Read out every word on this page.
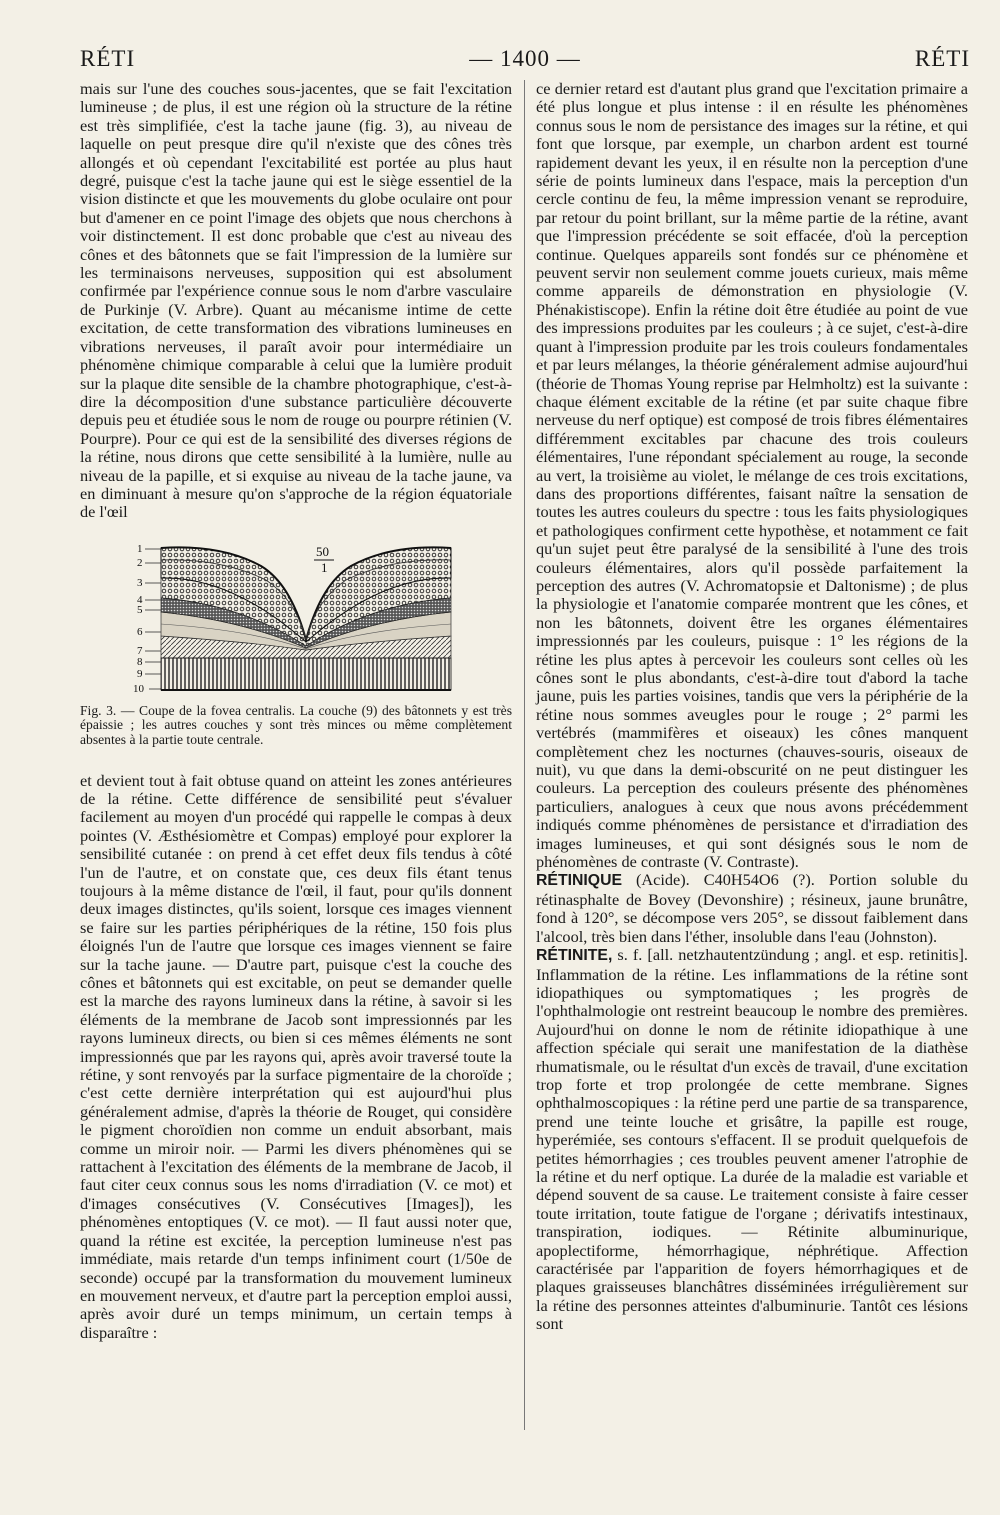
RÉTI	— 1400 —	RÉTI

mais sur l'une des couches sous-jacentes, que se fait l'excitation lumineuse ; de plus, il est une région où la structure de la rétine est très simplifiée, c'est la tache jaune (fig. 3), au niveau de laquelle on peut presque dire qu'il n'existe que des cônes très allongés et où cependant l'excitabilité est portée au plus haut degré, puisque c'est la tache jaune qui est le siège essentiel de la vision distincte et que les mouvements du globe oculaire ont pour but d'amener en ce point l'image des objets que nous cherchons à voir distinctement. Il est donc probable que c'est au niveau des cônes et des bâtonnets que se fait l'impression de la lumière sur les terminaisons nerveuses, supposition qui est absolument confirmée par l'expérience connue sous le nom d'arbre vasculaire de Purkinje (V. Arbre). Quant au mécanisme intime de cette excitation, de cette transformation des vibrations lumineuses en vibrations nerveuses, il paraît avoir pour intermédiaire un phénomène chimique comparable à celui que la lumière produit sur la plaque dite sensible de la chambre photographique, c'est-à-dire la décomposition d'une substance particulière découverte depuis peu et étudiée sous le nom de rouge ou pourpre rétinien (V. Pourpre). Pour ce qui est de la sensibilité des diverses régions de la rétine, nous dirons que cette sensibilité à la lumière, nulle au niveau de la papille, et si exquise au niveau de la tache jaune, va en diminuant à mesure qu'on s'approche de la région équatoriale de l'œil

1
2
3
4
5
6
7
8
9
10
50
1

Fig. 3. — Coupe de la fovea centralis. La couche (9) des bâtonnets y est très épaissie ; les autres couches y sont très minces ou même complètement absentes à la partie toute centrale.

et devient tout à fait obtuse quand on atteint les zones antérieures de la rétine. Cette différence de sensibilité peut s'évaluer facilement au moyen d'un procédé qui rappelle le compas à deux pointes (V. Æsthésiomètre et Compas) employé pour explorer la sensibilité cutanée : on prend à cet effet deux fils tendus à côté l'un de l'autre, et on constate que, ces deux fils étant tenus toujours à la même distance de l'œil, il faut, pour qu'ils donnent deux images distinctes, qu'ils soient, lorsque ces images viennent se faire sur les parties périphériques de la rétine, 150 fois plus éloignés l'un de l'autre que lorsque ces images viennent se faire sur la tache jaune. — D'autre part, puisque c'est la couche des cônes et bâtonnets qui est excitable, on peut se demander quelle est la marche des rayons lumineux dans la rétine, à savoir si les éléments de la membrane de Jacob sont impressionnés par les rayons lumineux directs, ou bien si ces mêmes éléments ne sont impressionnés que par les rayons qui, après avoir traversé toute la rétine, y sont renvoyés par la surface pigmentaire de la choroïde ; c'est cette dernière interprétation qui est aujourd'hui plus généralement admise, d'après la théorie de Rouget, qui considère le pigment choroïdien non comme un enduit absorbant, mais comme un miroir noir. — Parmi les divers phénomènes qui se rattachent à l'excitation des éléments de la membrane de Jacob, il faut citer ceux connus sous les noms d'irradiation (V. ce mot) et d'images consécutives (V. Consécutives [Images]), les phénomènes entoptiques (V. ce mot). — Il faut aussi noter que, quand la rétine est excitée, la perception lumineuse n'est pas immédiate, mais retarde d'un temps infiniment court (1/50e de seconde) occupé par la transformation du mouvement lumineux en mouvement nerveux, et d'autre part la perception emploi aussi, après avoir duré un temps minimum, un certain temps à disparaître :

ce dernier retard est d'autant plus grand que l'excitation primaire a été plus longue et plus intense : il en résulte les phénomènes connus sous le nom de persistance des images sur la rétine, et qui font que lorsque, par exemple, un charbon ardent est tourné rapidement devant les yeux, il en résulte non la perception d'une série de points lumineux dans l'espace, mais la perception d'un cercle continu de feu, la même impression venant se reproduire, par retour du point brillant, sur la même partie de la rétine, avant que l'impression précédente se soit effacée, d'où la perception continue. Quelques appareils sont fondés sur ce phénomène et peuvent servir non seulement comme jouets curieux, mais même comme appareils de démonstration en physiologie (V. Phénakistiscope). Enfin la rétine doit être étudiée au point de vue des impressions produites par les couleurs ; à ce sujet, c'est-à-dire quant à l'impression produite par les trois couleurs fondamentales et par leurs mélanges, la théorie généralement admise aujourd'hui (théorie de Thomas Young reprise par Helmholtz) est la suivante : chaque élément excitable de la rétine (et par suite chaque fibre nerveuse du nerf optique) est composé de trois fibres élémentaires différemment excitables par chacune des trois couleurs élémentaires, l'une répondant spécialement au rouge, la seconde au vert, la troisième au violet, le mélange de ces trois excitations, dans des proportions différentes, faisant naître la sensation de toutes les autres couleurs du spectre : tous les faits physiologiques et pathologiques confirment cette hypothèse, et notamment ce fait qu'un sujet peut être paralysé de la sensibilité à l'une des trois couleurs élémentaires, alors qu'il possède parfaitement la perception des autres (V. Achromatopsie et Daltonisme) ; de plus la physiologie et l'anatomie comparée montrent que les cônes, et non les bâtonnets, doivent être les organes élémentaires impressionnés par les couleurs, puisque : 1° les régions de la rétine les plus aptes à percevoir les couleurs sont celles où les cônes sont le plus abondants, c'est-à-dire tout d'abord la tache jaune, puis les parties voisines, tandis que vers la périphérie de la rétine nous sommes aveugles pour le rouge ; 2° parmi les vertébrés (mammifères et oiseaux) les cônes manquent complètement chez les nocturnes (chauves-souris, oiseaux de nuit), vu que dans la demi-obscurité on ne peut distinguer les couleurs. La perception des couleurs présente des phénomènes particuliers, analogues à ceux que nous avons précédemment indiqués comme phénomènes de persistance et d'irradiation des images lumineuses, et qui sont désignés sous le nom de phénomènes de contraste (V. Contraste).

RÉTINIQUE (Acide). C40H54O6 (?). Portion soluble du rétinasphalte de Bovey (Devonshire) ; résineux, jaune brunâtre, fond à 120°, se décompose vers 205°, se dissout faiblement dans l'alcool, très bien dans l'éther, insoluble dans l'eau (Johnston).

RÉTINITE, s. f. [all. netzhautentzündung ; angl. et esp. retinitis]. Inflammation de la rétine. Les inflammations de la rétine sont idiopathiques ou symptomatiques ; les progrès de l'ophthalmologie ont restreint beaucoup le nombre des premières. Aujourd'hui on donne le nom de rétinite idiopathique à une affection spéciale qui serait une manifestation de la diathèse rhumatismale, ou le résultat d'un excès de travail, d'une excitation trop forte et trop prolongée de cette membrane. Signes ophthalmoscopiques : la rétine perd une partie de sa transparence, prend une teinte louche et grisâtre, la papille est rouge, hyperémiée, ses contours s'effacent. Il se produit quelquefois de petites hémorrhagies ; ces troubles peuvent amener l'atrophie de la rétine et du nerf optique. La durée de la maladie est variable et dépend souvent de sa cause. Le traitement consiste à faire cesser toute irritation, toute fatigue de l'organe ; dérivatifs intestinaux, transpiration, iodiques. — Rétinite albuminurique, apoplectiforme, hémorrhagique, néphrétique. Affection caractérisée par l'apparition de foyers hémorrhagiques et de plaques graisseuses blanchâtres disséminées irrégulièrement sur la rétine des personnes atteintes d'albuminurie. Tantôt ces lésions sont
